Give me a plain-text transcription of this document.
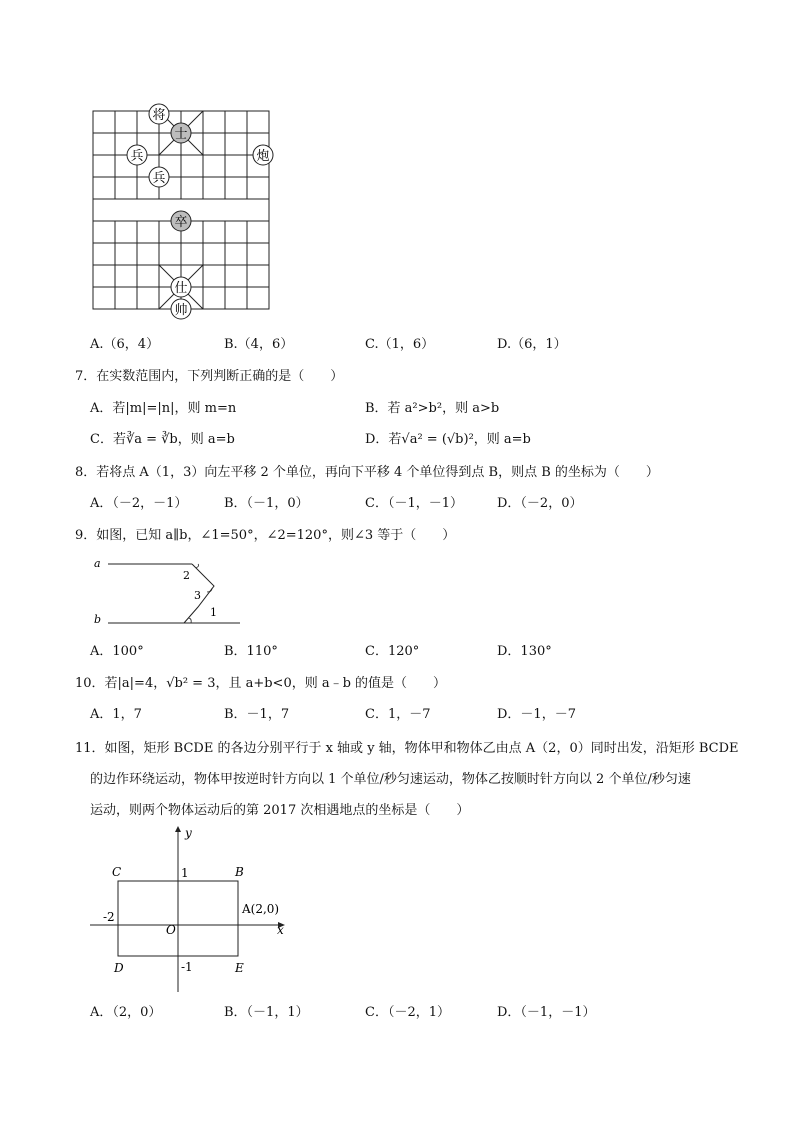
将
士
兵
兵
炮
卒
仕
帅
A.（6，4）	B.（4，6）	C.（1，6）	D.（6，1）
7．在实数范围内，下列判断正确的是（　　）
A．若|m|=|n|，则 m=n	B．若 a²>b²，则 a>b
C．若∛a = ∛b，则 a=b	D．若√a² = (√b)²，则 a=b
8．若将点 A（1，3）向左平移 2 个单位，再向下平移 4 个单位得到点 B，则点 B 的坐标为（　　）
A．（－2，－1）	B．（－1，0）	C．（－1，－1）	D．（－2，0）
9．如图，已知 a∥b，∠1=50°，∠2=120°，则∠3 等于（　　）
a
b
2
3
1
A．100°	B．110°	C．120°	D．130°
10．若|a|=4，√b² = 3，且 a+b<0，则 a﹣b 的值是（　　）
A．1，7	B．－1，7	C．1，－7	D．－1，－7
11．如图，矩形 BCDE 的各边分别平行于 x 轴或 y 轴，物体甲和物体乙由点 A（2，0）同时出发，沿矩形 BCDE
的边作环绕运动，物体甲按逆时针方向以 1 个单位/秒匀速运动，物体乙按顺时针方向以 2 个单位/秒匀速
运动，则两个物体运动后的第 2017 次相遇地点的坐标是（　　）
y
x
O
C	B
D	E
A(2,0)
1
-2
-1
A．（2，0）	B．（－1，1）	C．（－2，1）	D．（－1，－1）
